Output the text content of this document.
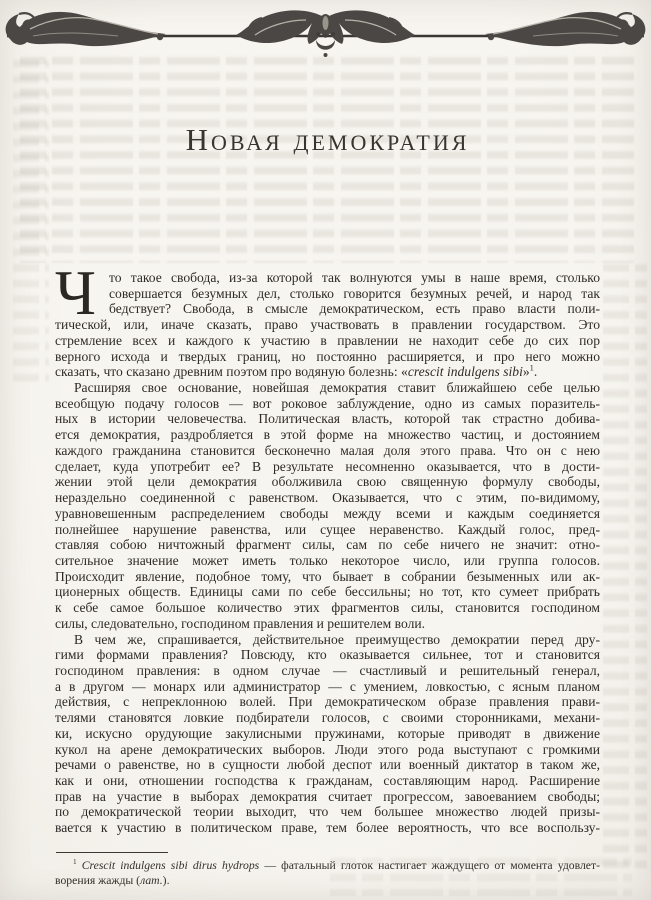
Новая демократия
Ч то такое свобода, из-за которой так волнуются умы в наше время, столько
совершается безумных дел, столько говорится безумных речей, и народ так
бедствует? Свобода, в смысле демократическом, есть право власти поли-
тической, или, иначе сказать, право участвовать в правлении государством. Это
стремление всех и каждого к участию в правлении не находит себе до сих пор
верного исхода и твердых границ, но постоянно расширяется, и про него можно
сказать, что сказано древним поэтом про водяную болезнь: «crescit indulgens sibi»$^1$.
Расширяя свое основание, новейшая демократия ставит ближайшею себе целью
всеобщую подачу голосов — вот роковое заблуждение, одно из самых поразитель-
ных в истории человечества. Политическая власть, которой так страстно добива-
ется демократия, раздробляется в этой форме на множество частиц, и достоянием
каждого гражданина становится бесконечно малая доля этого права. Что он с нею
сделает, куда употребит ее? В результате несомненно оказывается, что в дости-
жении этой цели демократия оболживила свою священную формулу свободы,
нераздельно соединенной с равенством. Оказывается, что с этим, по-видимому,
уравновешенным распределением свободы между всеми и каждым соединяется
полнейшее нарушение равенства, или сущее неравенство. Каждый голос, пред-
ставляя собою ничтожный фрагмент силы, сам по себе ничего не значит: отно-
сительное значение может иметь только некоторое число, или группа голосов.
Происходит явление, подобное тому, что бывает в собрании безыменных или ак-
ционерных обществ. Единицы сами по себе бессильны; но тот, кто сумеет прибрать
к себе самое большое количество этих фрагментов силы, становится господином
силы, следовательно, господином правления и решителем воли.
В чем же, спрашивается, действительное преимущество демократии перед дру-
гими формами правления? Повсюду, кто оказывается сильнее, тот и становится
господином правления: в одном случае — счастливый и решительный генерал,
а в другом — монарх или администратор — с умением, ловкостью, с ясным планом
действия, с непреклонною волей. При демократическом образе правления прави-
телями становятся ловкие подбиратели голосов, с своими сторонниками, механи-
ки, искусно орудующие закулисными пружинами, которые приводят в движение
кукол на арене демократических выборов. Люди этого рода выступают с громкими
речами о равенстве, но в сущности любой деспот или военный диктатор в таком же,
как и они, отношении господства к гражданам, составляющим народ. Расширение
прав на участие в выборах демократия считает прогрессом, завоеванием свободы;
по демократической теории выходит, что чем большее множество людей призы-
вается к участию в политическом праве, тем более вероятность, что все воспользу-
$^1$ Crescit indulgens sibi dirus hydrops — фатальный глоток настигает жаждущего от момента удовлет-
ворения жажды (лат.).
